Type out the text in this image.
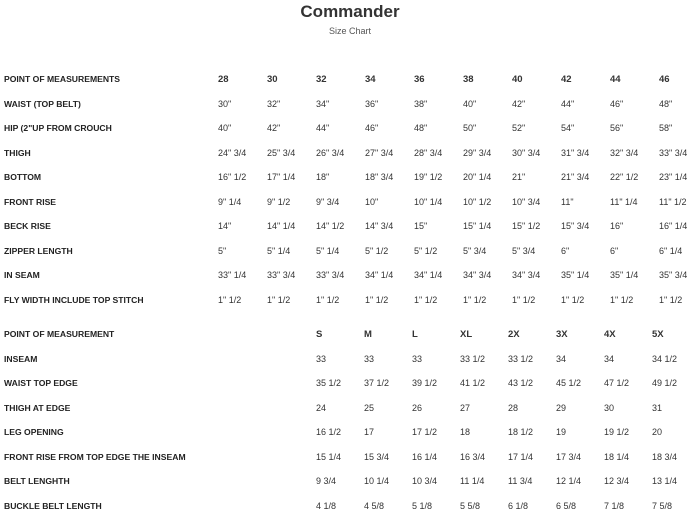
Commander
Size Chart
POINT OF MEASUREMENTS	28	30	32	34	36	38	40	42	44	46
WAIST (TOP BELT)	30"	32"	34"	36"	38"	40"	42"	44"	46"	48"
HIP (2"UP FROM CROUCH	40"	42"	44"	46"	48"	50"	52"	54"	56"	58"
THIGH	24" 3/4	25" 3/4	26" 3/4	27" 3/4	28" 3/4	29" 3/4	30" 3/4	31" 3/4	32" 3/4	33" 3/4
BOTTOM	16" 1/2	17" 1/4	18"	18" 3/4	19" 1/2	20" 1/4	21"	21" 3/4	22" 1/2	23" 1/4
FRONT RISE	9" 1/4	9" 1/2	9" 3/4	10"	10" 1/4	10" 1/2	10" 3/4	11"	11" 1/4	11" 1/2
BECK RISE	14"	14" 1/4	14" 1/2	14" 3/4	15"	15" 1/4	15" 1/2	15" 3/4	16"	16" 1/4
ZIPPER LENGTH	5"	5" 1/4	5" 1/4	5" 1/2	5" 1/2	5" 3/4	5" 3/4	6"	6"	6" 1/4
IN SEAM	33" 1/4	33" 3/4	33" 3/4	34" 1/4	34" 1/4	34" 3/4	34" 3/4	35" 1/4	35" 1/4	35" 3/4
FLY WIDTH INCLUDE TOP STITCH	1" 1/2	1" 1/2	1" 1/2	1" 1/2	1" 1/2	1" 1/2	1" 1/2	1" 1/2	1" 1/2	1" 1/2
POINT OF MEASUREMENT	S	M	L	XL	2X	3X	4X	5X
INSEAM	33	33	33	33 1/2	33 1/2	34	34	34 1/2
WAIST TOP EDGE	35 1/2	37 1/2	39 1/2	41 1/2	43 1/2	45 1/2	47 1/2	49 1/2
THIGH AT EDGE	24	25	26	27	28	29	30	31
LEG OPENING	16 1/2	17	17 1/2	18	18 1/2	19	19 1/2	20
FRONT RISE FROM TOP EDGE THE INSEAM	15 1/4	15 3/4	16 1/4	16 3/4	17 1/4	17 3/4	18 1/4	18 3/4
BELT LENGHTH	9 3/4	10 1/4	10 3/4	11 1/4	11 3/4	12 1/4	12 3/4	13 1/4
BUCKLE BELT LENGTH	4 1/8	4 5/8	5 1/8	5 5/8	6 1/8	6 5/8	7 1/8	7 5/8
